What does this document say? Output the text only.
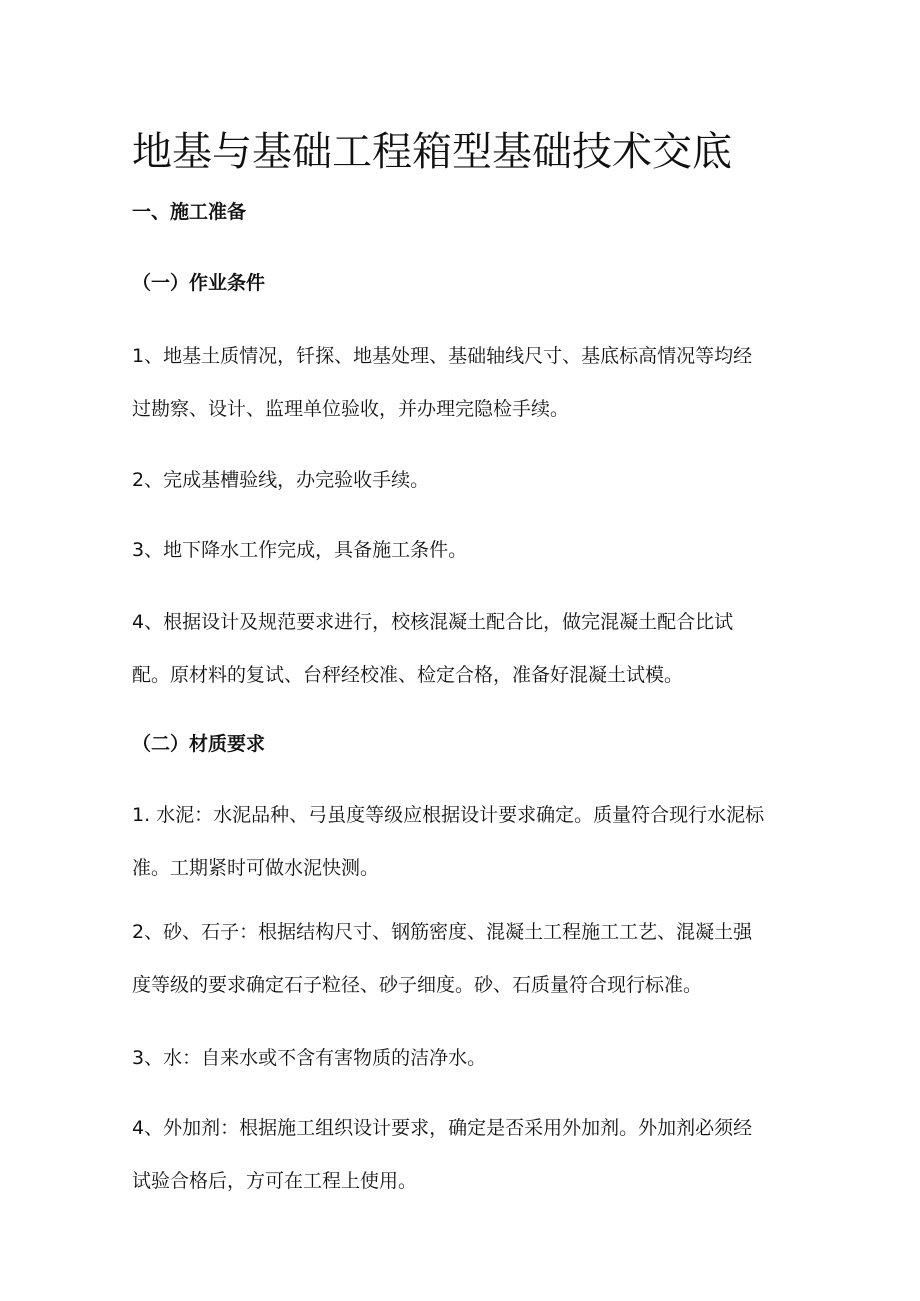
地基与基础工程箱型基础技术交底
一、施工准备
（一）作业条件
1、地基土质情况，钎探、地基处理、基础轴线尺寸、基底标高情况等均经
过勘察、设计、监理单位验收，并办理完隐检手续。
2、完成基槽验线，办完验收手续。
3、地下降水工作完成，具备施工条件。
4、根据设计及规范要求进行，校核混凝土配合比，做完混凝土配合比试
配。原材料的复试、台秤经校准、检定合格，准备好混凝土试模。
（二）材质要求
1. 水泥：水泥品种、弓虽度等级应根据设计要求确定。质量符合现行水泥标
准。工期紧时可做水泥快测。
2、砂、石子：根据结构尺寸、钢筋密度、混凝土工程施工工艺、混凝土强
度等级的要求确定石子粒径、砂子细度。砂、石质量符合现行标准。
3、水：自来水或不含有害物质的洁净水。
4、外加剂：根据施工组织设计要求，确定是否采用外加剂。外加剂必须经
试验合格后，方可在工程上使用。
